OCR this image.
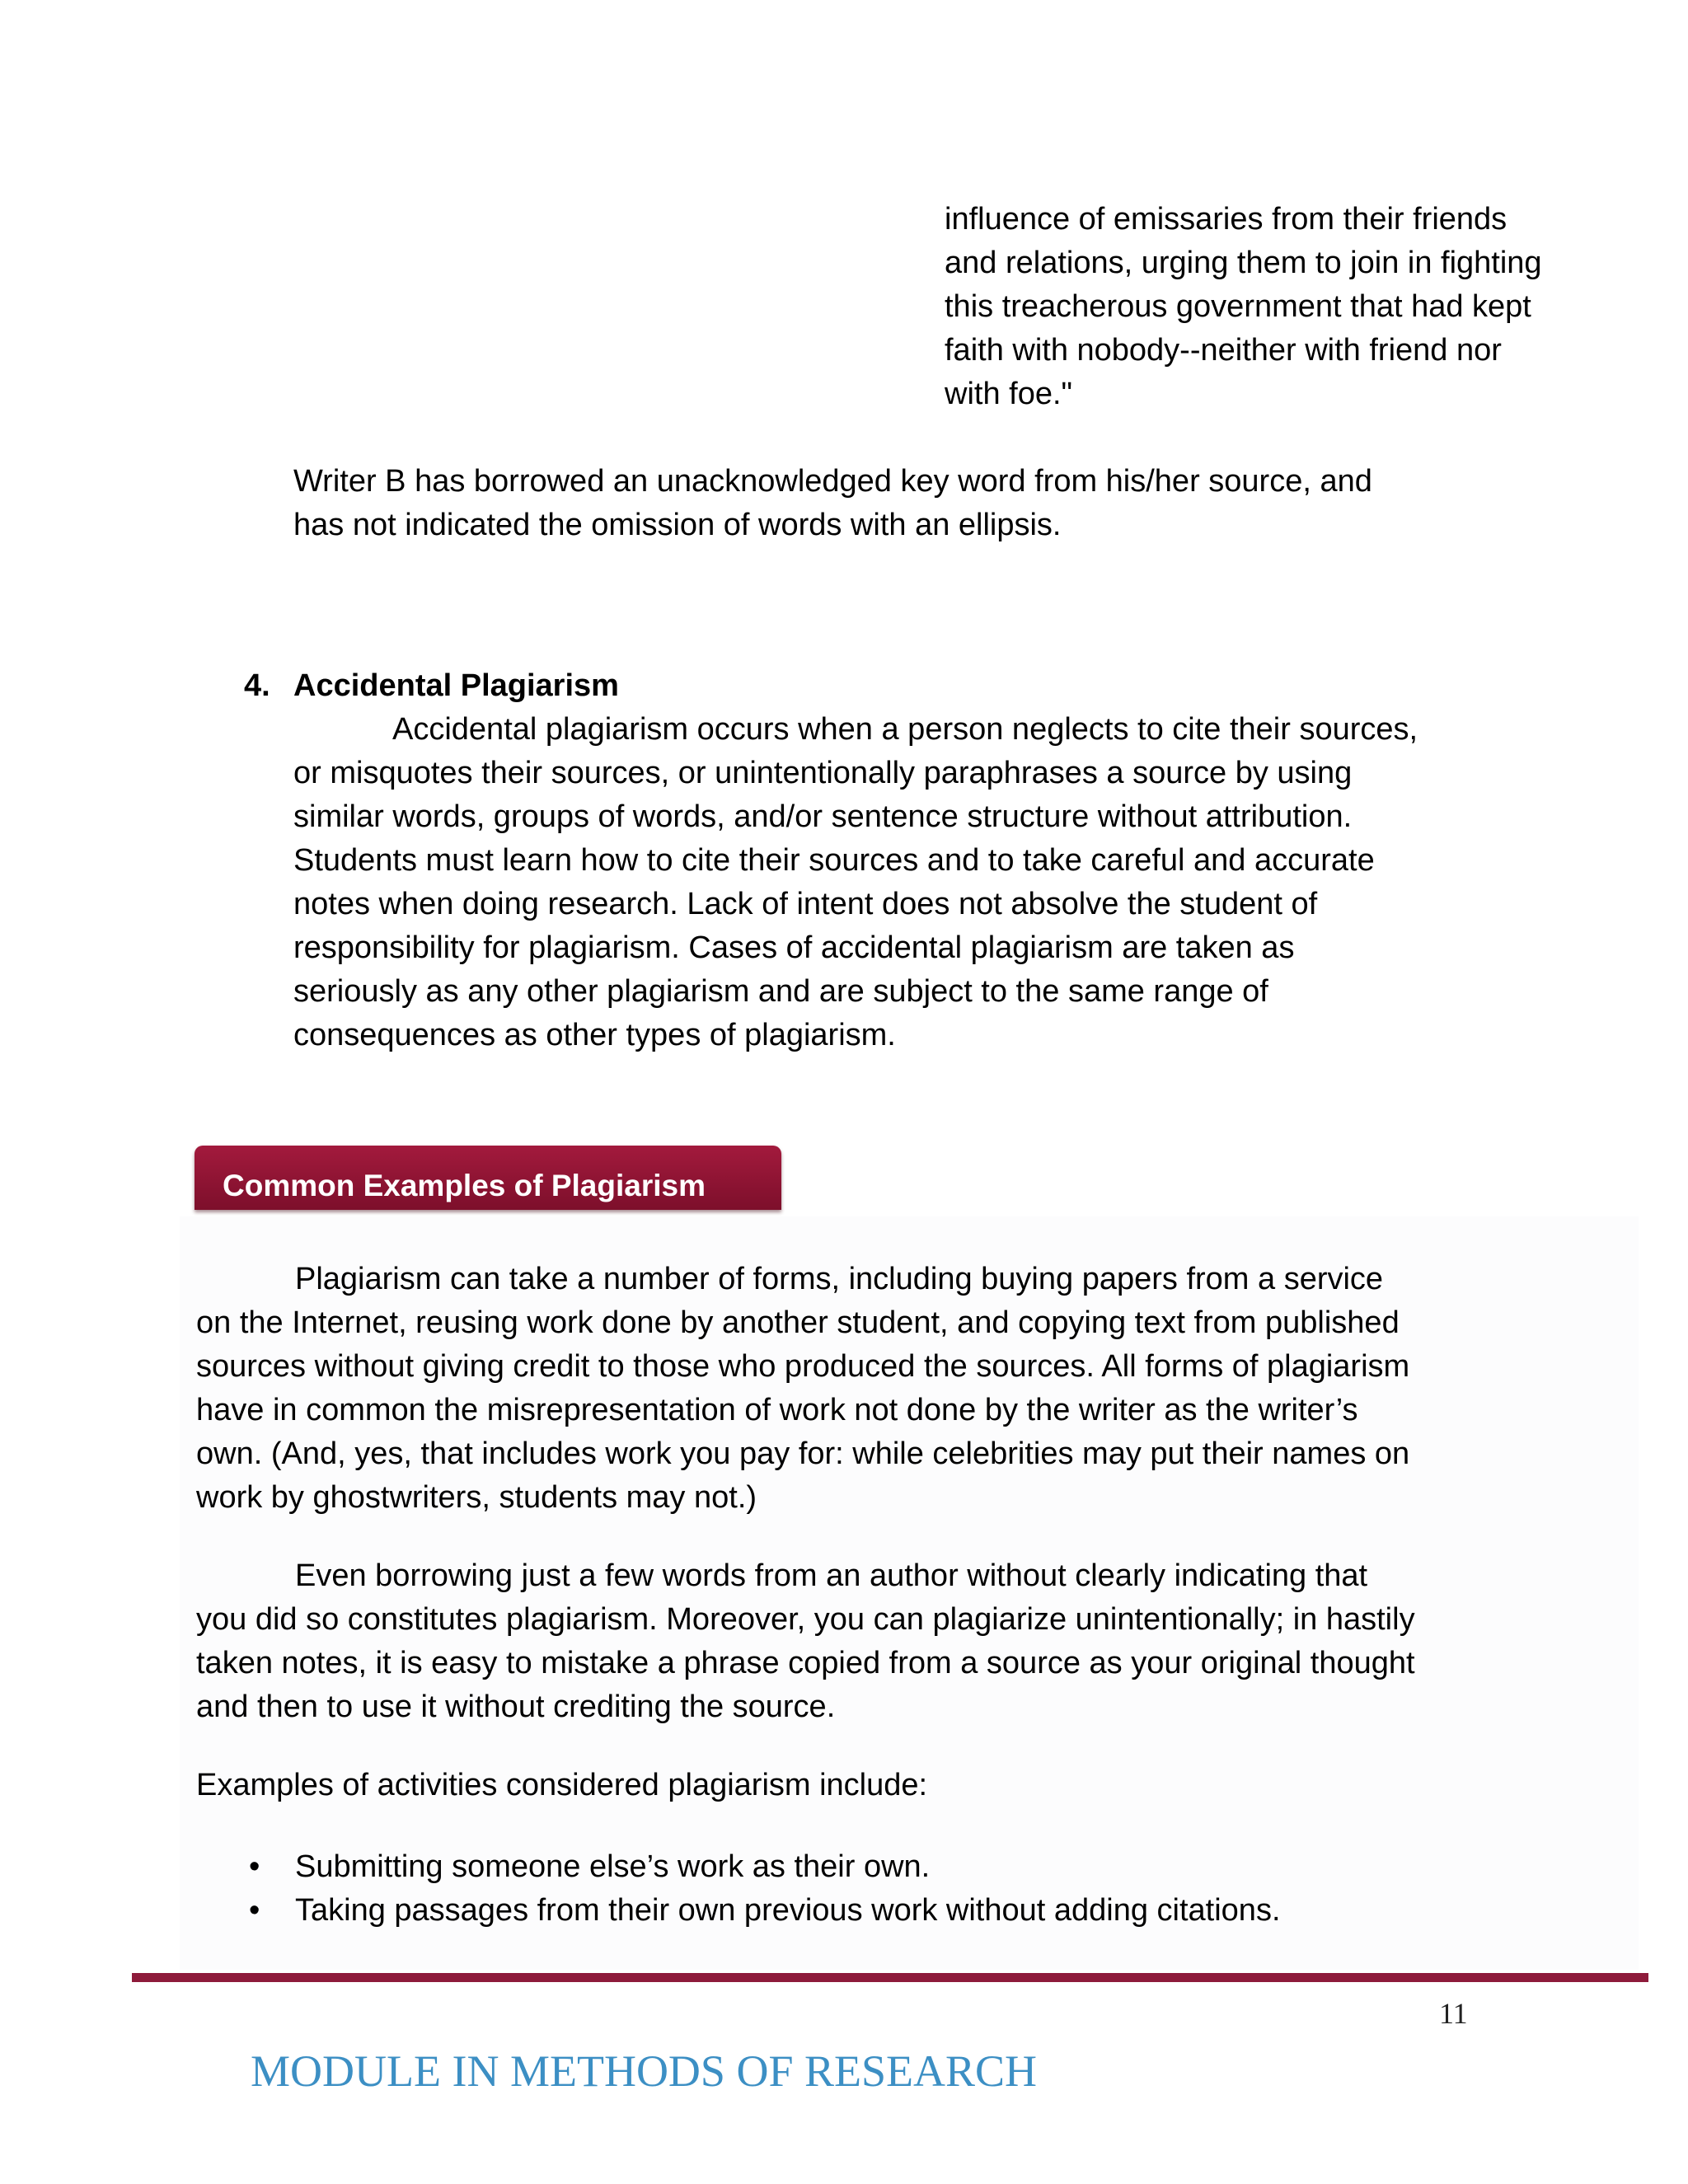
influence of emissaries from their friends
and relations, urging them to join in fighting
this treacherous government that had kept
faith with nobody--neither with friend nor
with foe."
Writer B has borrowed an unacknowledged key word from his/her source, and
has not indicated the omission of words with an ellipsis.
4. Accidental Plagiarism
Accidental plagiarism occurs when a person neglects to cite their sources,
or misquotes their sources, or unintentionally paraphrases a source by using
similar words, groups of words, and/or sentence structure without attribution.
Students must learn how to cite their sources and to take careful and accurate
notes when doing research. Lack of intent does not absolve the student of
responsibility for plagiarism. Cases of accidental plagiarism are taken as
seriously as any other plagiarism and are subject to the same range of
consequences as other types of plagiarism.
Common Examples of Plagiarism
Plagiarism can take a number of forms, including buying papers from a service
on the Internet, reusing work done by another student, and copying text from published
sources without giving credit to those who produced the sources. All forms of plagiarism
have in common the misrepresentation of work not done by the writer as the writer’s
own. (And, yes, that includes work you pay for: while celebrities may put their names on
work by ghostwriters, students may not.)
Even borrowing just a few words from an author without clearly indicating that
you did so constitutes plagiarism. Moreover, you can plagiarize unintentionally; in hastily
taken notes, it is easy to mistake a phrase copied from a source as your original thought
and then to use it without crediting the source.
Examples of activities considered plagiarism include:
• Submitting someone else’s work as their own.
• Taking passages from their own previous work without adding citations.
11
MODULE IN METHODS OF RESEARCH
